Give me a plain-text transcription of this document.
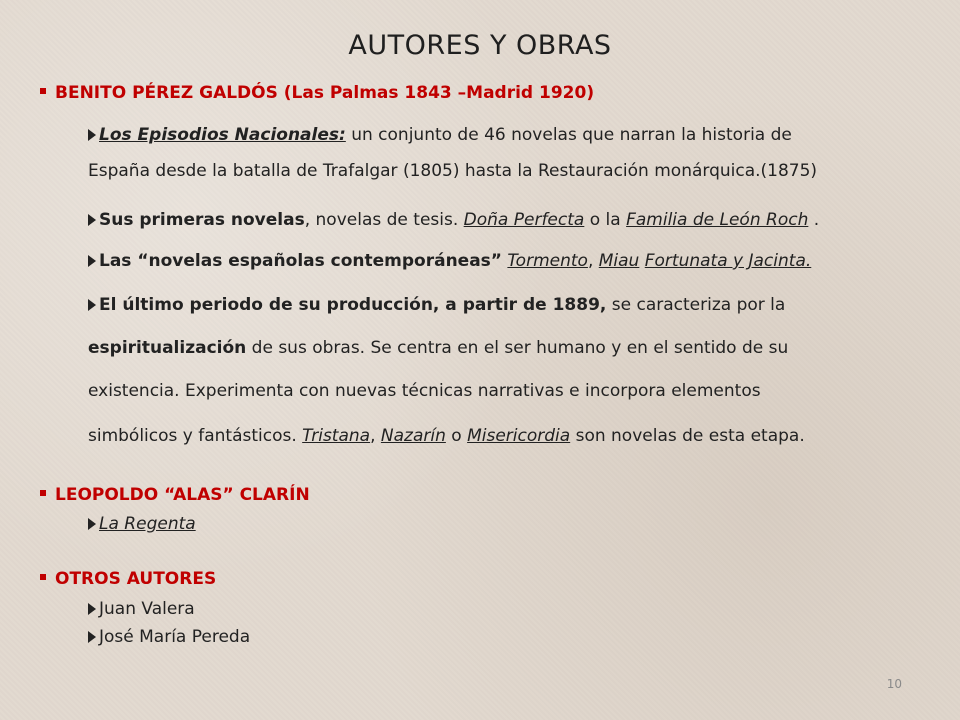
AUTORES Y OBRAS
BENITO PÉREZ GALDÓS (Las Palmas 1843 –Madrid 1920)
Los Episodios Nacionales: un conjunto de 46 novelas que narran la historia de
España desde la batalla de Trafalgar (1805) hasta la Restauración monárquica.(1875)
Sus primeras novelas, novelas de tesis. Doña Perfecta o la Familia de León Roch .
Las “novelas españolas contemporáneas” Tormento, Miau Fortunata y Jacinta.
El último periodo de su producción, a partir de 1889, se caracteriza por la
espiritualización de sus obras. Se centra en el ser humano y en el sentido de su
existencia. Experimenta con nuevas técnicas narrativas e incorpora elementos
simbólicos y fantásticos. Tristana, Nazarín o Misericordia son novelas de esta etapa.
LEOPOLDO “ALAS” CLARÍN
La Regenta
OTROS AUTORES
Juan Valera
José María Pereda
10
